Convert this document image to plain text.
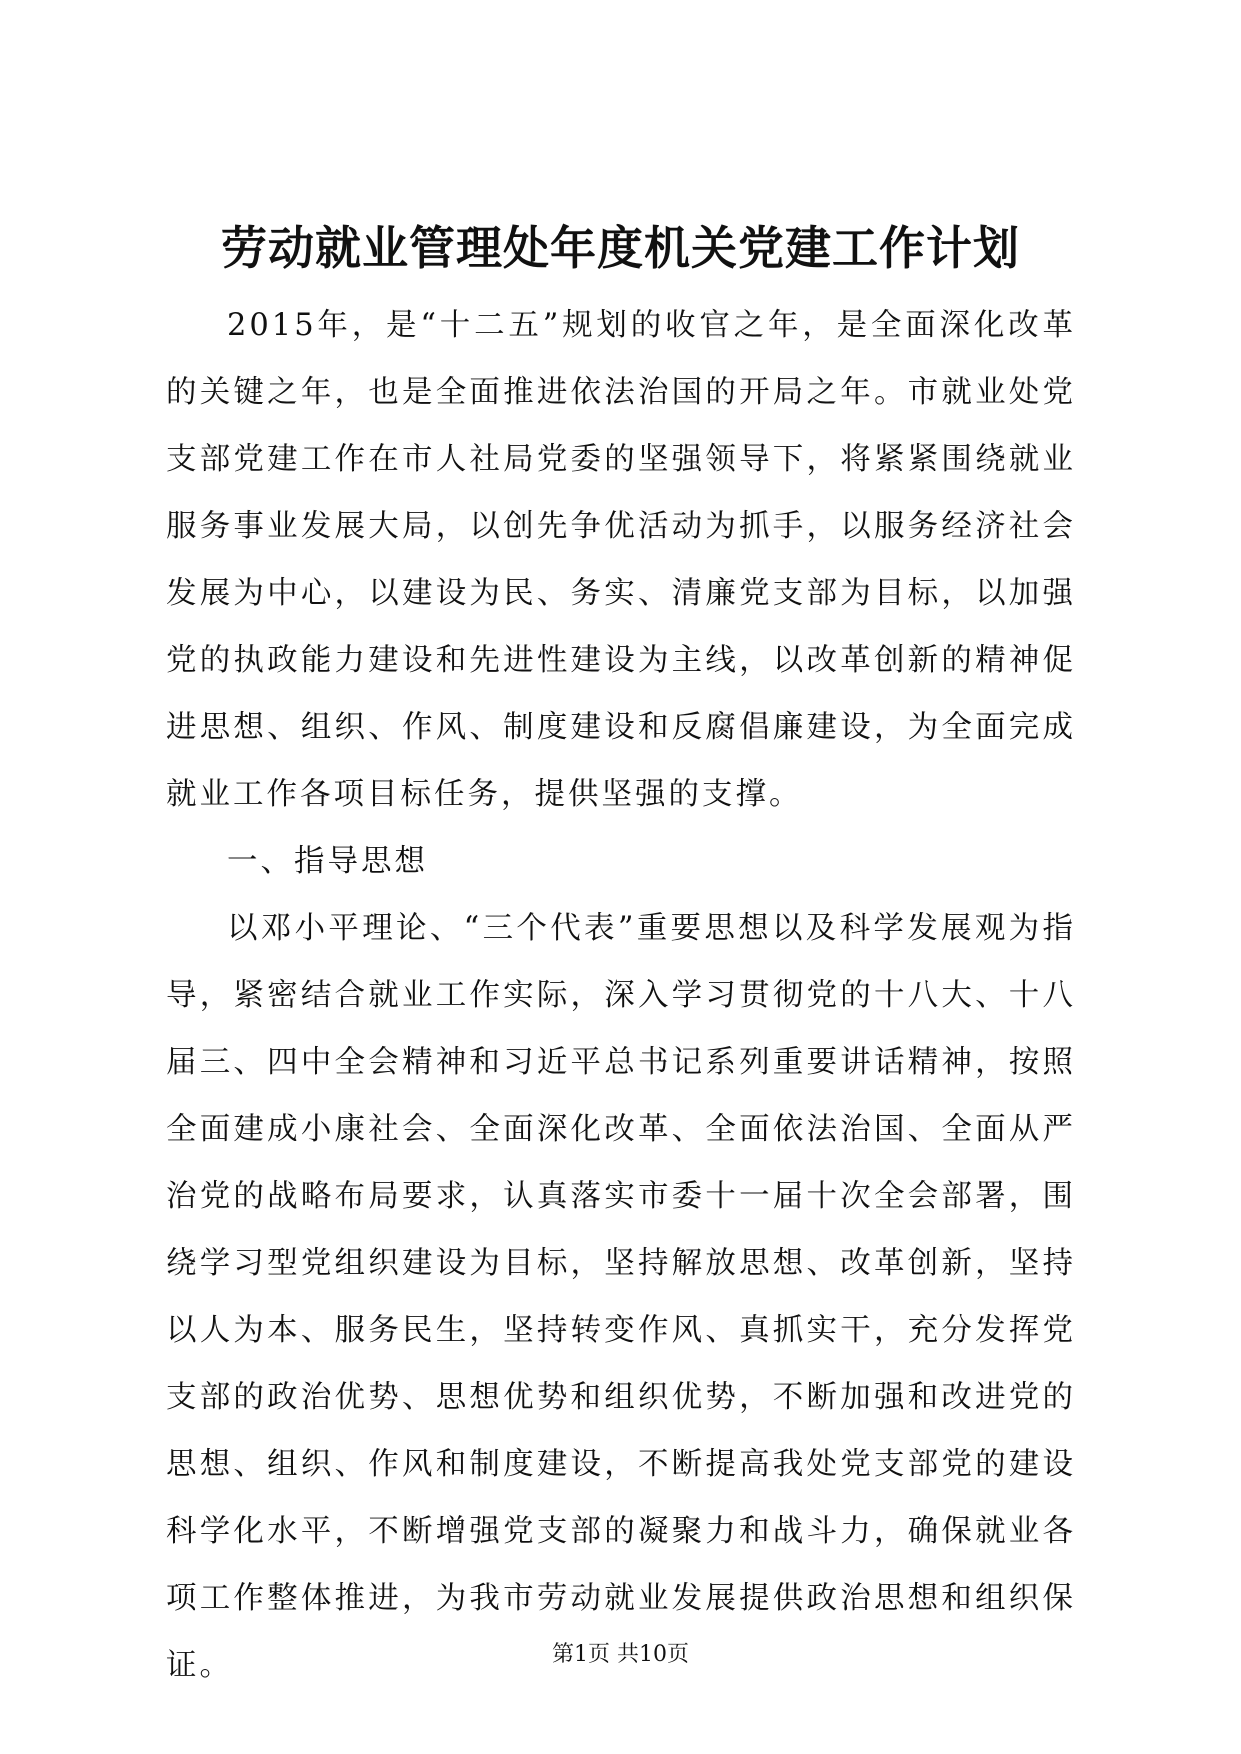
劳动就业管理处年度机关党建工作计划

2015年，是“十二五”规划的收官之年，是全面深化改革的关键之年，也是全面推进依法治国的开局之年。市就业处党支部党建工作在市人社局党委的坚强领导下，将紧紧围绕就业服务事业发展大局，以创先争优活动为抓手，以服务经济社会发展为中心，以建设为民、务实、清廉党支部为目标，以加强党的执政能力建设和先进性建设为主线，以改革创新的精神促进思想、组织、作风、制度建设和反腐倡廉建设，为全面完成就业工作各项目标任务，提供坚强的支撑。

一、指导思想

以邓小平理论、“三个代表”重要思想以及科学发展观为指导，紧密结合就业工作实际，深入学习贯彻党的十八大、十八届三、四中全会精神和习近平总书记系列重要讲话精神，按照全面建成小康社会、全面深化改革、全面依法治国、全面从严治党的战略布局要求，认真落实市委十一届十次全会部署，围绕学习型党组织建设为目标，坚持解放思想、改革创新，坚持以人为本、服务民生，坚持转变作风、真抓实干，充分发挥党支部的政治优势、思想优势和组织优势，不断加强和改进党的思想、组织、作风和制度建设，不断提高我处党支部党的建设科学化水平，不断增强党支部的凝聚力和战斗力，确保就业各项工作整体推进，为我市劳动就业发展提供政治思想和组织保证。	第1页 共10页
